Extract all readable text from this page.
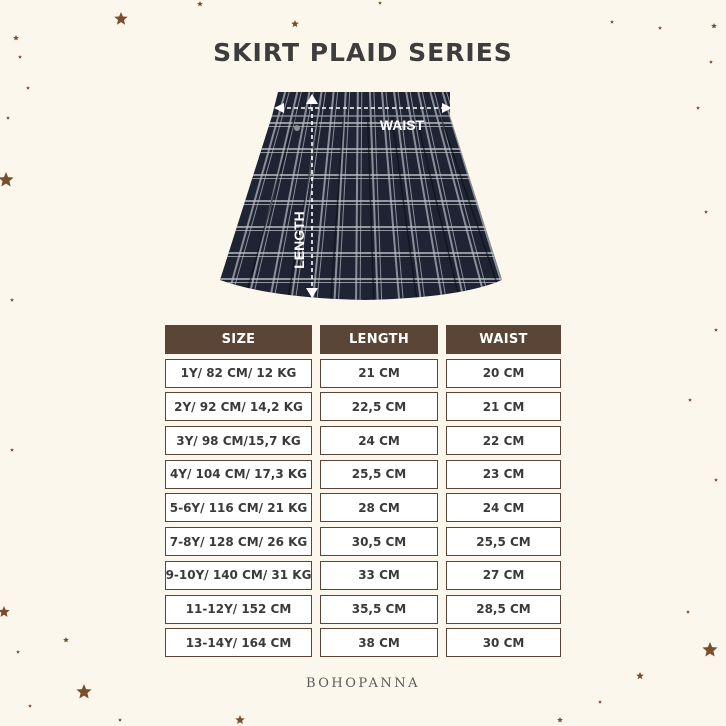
SKIRT PLAID SERIES
WAIST
LENGTH
SIZE
1Y/ 82 CM/ 12 KG
2Y/ 92 CM/ 14,2 KG
3Y/ 98 CM/15,7 KG
4Y/ 104 CM/ 17,3 KG
5-6Y/ 116 CM/ 21 KG
7-8Y/ 128 CM/ 26 KG
9-10Y/ 140 CM/ 31 KG
11-12Y/ 152 CM
13-14Y/ 164 CM
LENGTH
21 CM
22,5 CM
24 CM
25,5 CM
28 CM
30,5 CM
33 CM
35,5 CM
38 CM
WAIST
20 CM
21 CM
22 CM
23 CM
24 CM
25,5 CM
27 CM
28,5 CM
30 CM
BOHOPANNA
